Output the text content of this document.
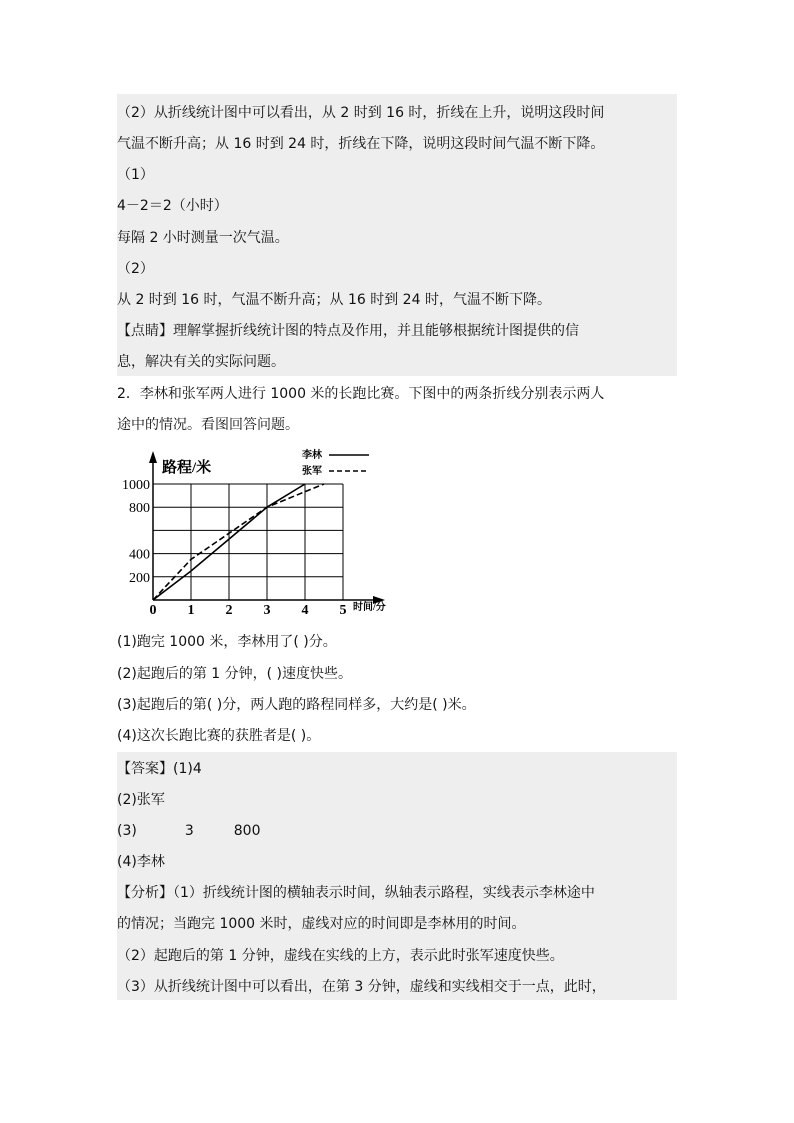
（2）从折线统计图中可以看出，从 2 时到 16 时，折线在上升，说明这段时间
气温不断升高；从 16 时到 24 时，折线在下降，说明这段时间气温不断下降。
（1）
4－2＝2（小时）
每隔 2 小时测量一次气温。
（2）
从 2 时到 16 时，气温不断升高；从 16 时到 24 时，气温不断下降。
【点睛】理解掌握折线统计图的特点及作用，并且能够根据统计图提供的信
息，解决有关的实际问题。
2．李林和张军两人进行 1000 米的长跑比赛。下图中的两条折线分别表示两人
途中的情况。看图回答问题。
0 1 2 3 4 5
200
400
800
1000
路程/米
时间/分
李林
张军
(1)跑完 1000 米，李林用了( )分。
(2)起跑后的第 1 分钟，( )速度快些。
(3)起跑后的第( )分，两人跑的路程同样多，大约是( )米。
(4)这次长跑比赛的获胜者是( )。
【答案】(1)4
(2)张军
(3)	3	800
(4)李林
【分析】（1）折线统计图的横轴表示时间，纵轴表示路程，实线表示李林途中
的情况；当跑完 1000 米时，虚线对应的时间即是李林用的时间。
（2）起跑后的第 1 分钟，虚线在实线的上方，表示此时张军速度快些。
（3）从折线统计图中可以看出，在第 3 分钟，虚线和实线相交于一点，此时，
